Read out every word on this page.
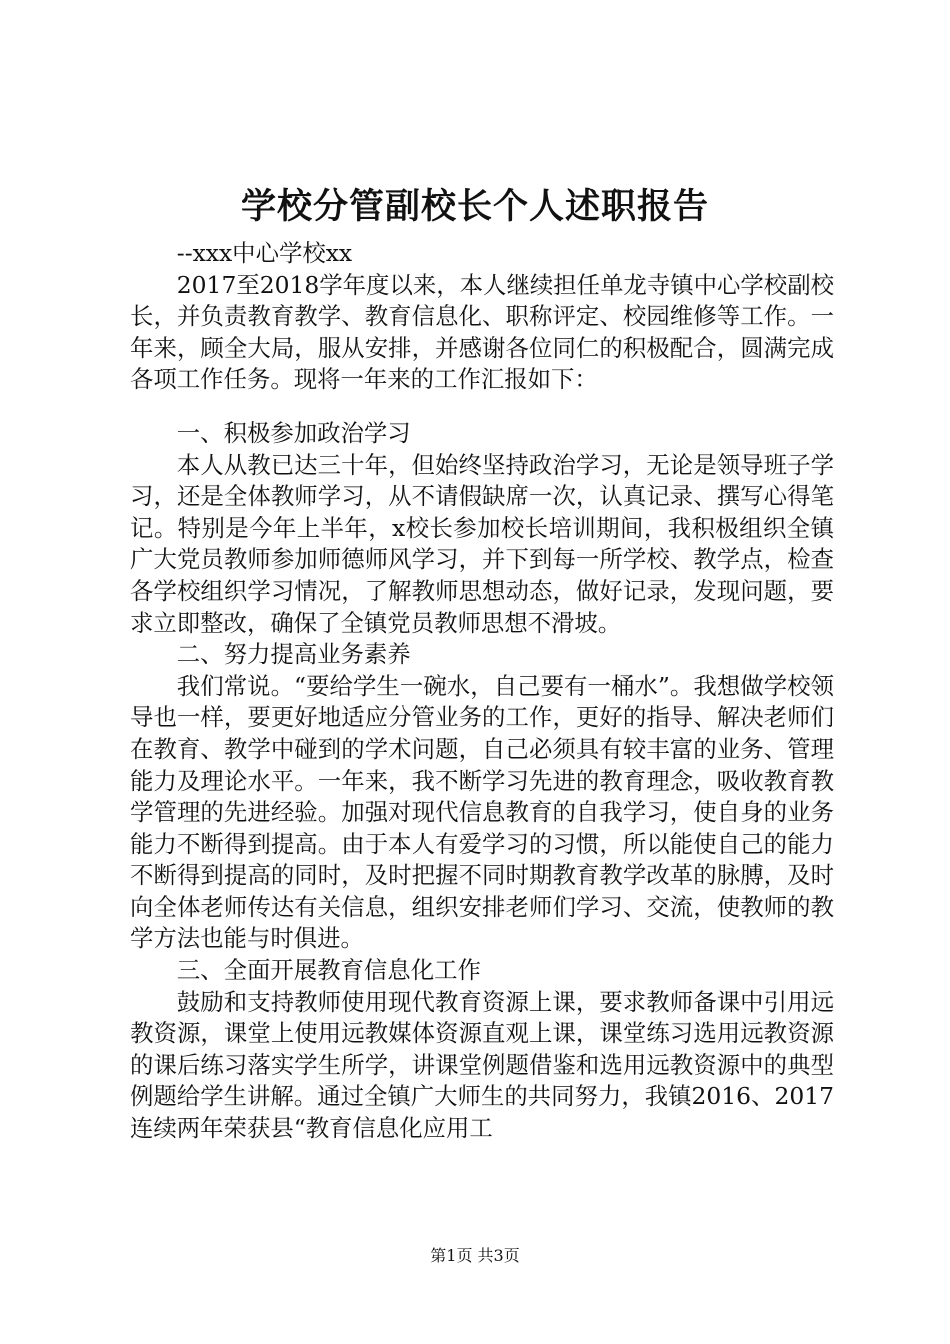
学校分管副校长个人述职报告

--xxx中心学校xx

2017至2018学年度以来，本人继续担任单龙寺镇中心学校副校长，并负责教育教学、教育信息化、职称评定、校园维修等工作。一年来，顾全大局，服从安排，并感谢各位同仁的积极配合，圆满完成各项工作任务。现将一年来的工作汇报如下：

一、积极参加政治学习

本人从教已达三十年，但始终坚持政治学习，无论是领导班子学习，还是全体教师学习，从不请假缺席一次，认真记录、撰写心得笔记。特别是今年上半年，x校长参加校长培训期间，我积极组织全镇广大党员教师参加师德师风学习，并下到每一所学校、教学点，检查各学校组织学习情况，了解教师思想动态，做好记录，发现问题，要求立即整改，确保了全镇党员教师思想不滑坡。

二、努力提高业务素养

我们常说。“要给学生一碗水，自己要有一桶水”。我想做学校领导也一样，要更好地适应分管业务的工作，更好的指导、解决老师们在教育、教学中碰到的学术问题，自己必须具有较丰富的业务、管理能力及理论水平。一年来，我不断学习先进的教育理念，吸收教育教学管理的先进经验。加强对现代信息教育的自我学习，使自身的业务能力不断得到提高。由于本人有爱学习的习惯，所以能使自己的能力不断得到提高的同时，及时把握不同时期教育教学改革的脉膊，及时向全体老师传达有关信息，组织安排老师们学习、交流，使教师的教学方法也能与时俱进。

三、全面开展教育信息化工作

鼓励和支持教师使用现代教育资源上课，要求教师备课中引用远教资源，课堂上使用远教媒体资源直观上课，课堂练习选用远教资源的课后练习落实学生所学，讲课堂例题借鉴和选用远教资源中的典型例题给学生讲解。通过全镇广大师生的共同努力，我镇2016、2017连续两年荣获县“教育信息化应用工

第1页 共3页
